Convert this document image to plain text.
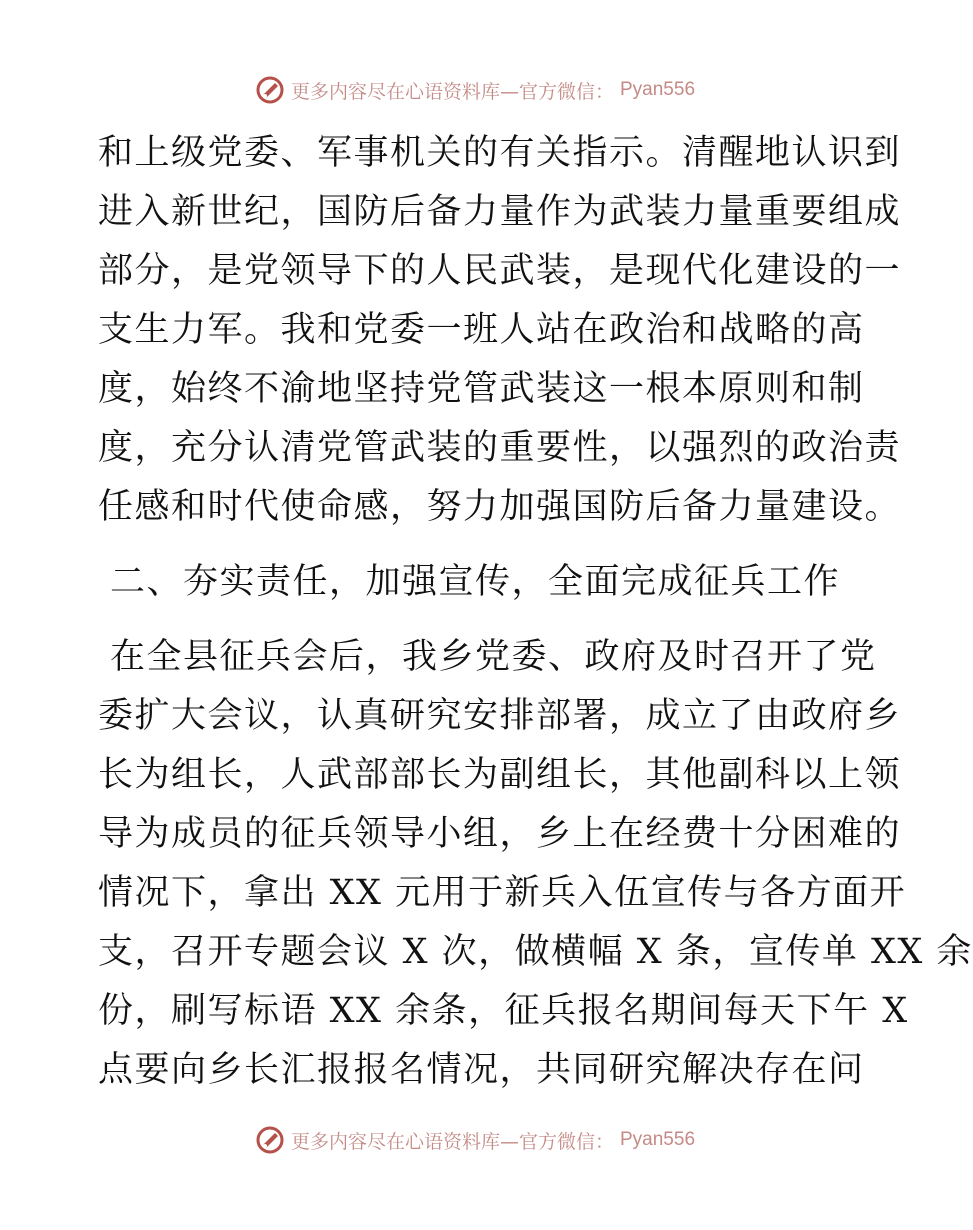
更多内容尽在心语资料库—官方微信： Pyan556
和上级党委、军事机关的有关指示。清醒地认识到
进入新世纪，国防后备力量作为武装力量重要组成
部分，是党领导下的人民武装，是现代化建设的一
支生力军。我和党委一班人站在政治和战略的高
度，始终不渝地坚持党管武装这一根本原则和制
度，充分认清党管武装的重要性，以强烈的政治责
任感和时代使命感，努力加强国防后备力量建设。
二、夯实责任，加强宣传，全面完成征兵工作
在全县征兵会后，我乡党委、政府及时召开了党
委扩大会议，认真研究安排部署，成立了由政府乡
长为组长，人武部部长为副组长，其他副科以上领
导为成员的征兵领导小组，乡上在经费十分困难的
情况下，拿出 XX 元用于新兵入伍宣传与各方面开
支，召开专题会议 X 次，做横幅 X 条，宣传单 XX 余
份，刷写标语 XX 余条，征兵报名期间每天下午 X
点要向乡长汇报报名情况，共同研究解决存在问
更多内容尽在心语资料库—官方微信： Pyan556
